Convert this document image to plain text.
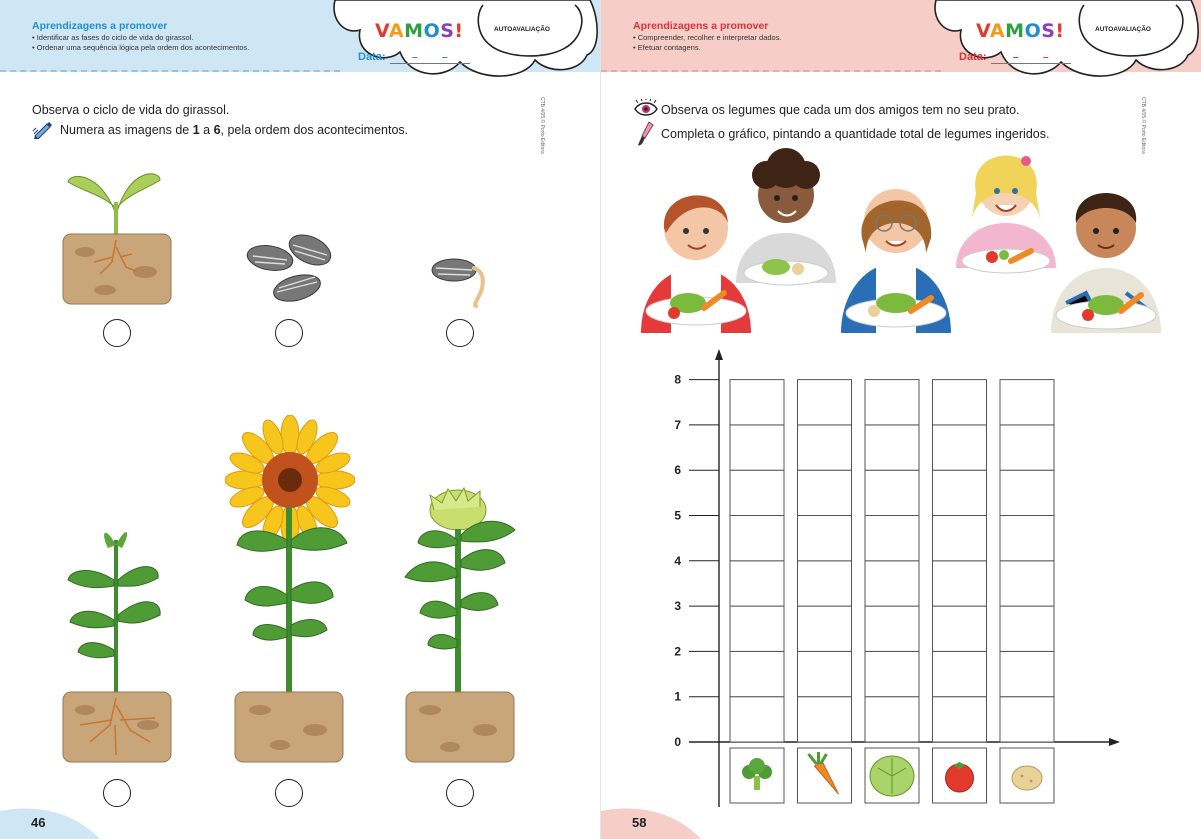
Aprendizagens a promover
• Identificar as fases do ciclo de vida do girassol.
• Ordenar uma sequência lógica pela ordem dos acontecimentos.
VAMOS!
Data:	– –
AUTOAVALIAÇÃO
CTB 4/05 © Porto Editora
Observa o ciclo de vida do girassol.
Numera as imagens de 1 a 6, pela ordem dos acontecimentos.
46
Aprendizagens a promover
• Compreender, recolher e interpretar dados.
• Efetuar contagens.
VAMOS!
Data:	– –
AUTOAVALIAÇÃO
CTB 4/05 © Porto Editora
Observa os legumes que cada um dos amigos tem no seu prato.
Completa o gráfico, pintando a quantidade total de legumes ingeridos.
0
1
2
3
4
5
6
7
8
58
